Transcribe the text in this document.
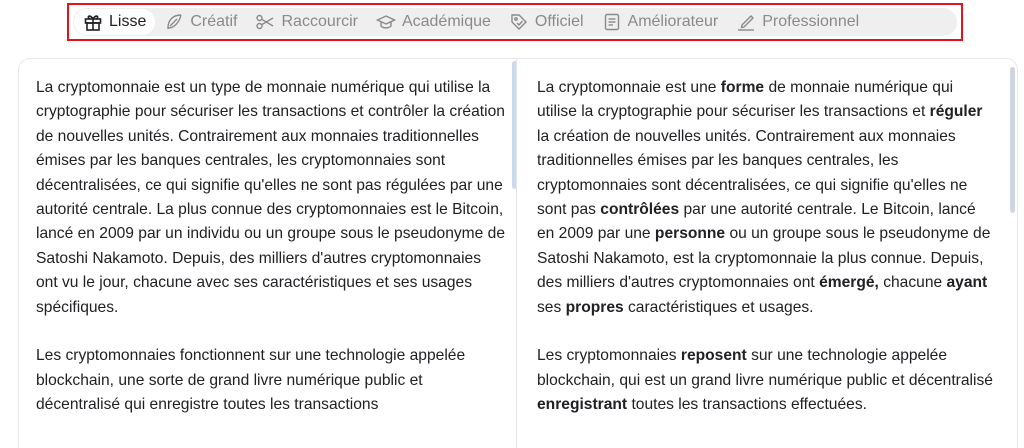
Lisse	Créatif	Raccourcir	Académique	Officiel	Améliorateur	Professionnel

La cryptomonnaie est un type de monnaie numérique qui utilise la cryptographie pour sécuriser les transactions et contrôler la création de nouvelles unités. Contrairement aux monnaies traditionnelles émises par les banques centrales, les cryptomonnaies sont décentralisées, ce qui signifie qu'elles ne sont pas régulées par une autorité centrale. La plus connue des cryptomonnaies est le Bitcoin, lancé en 2009 par un individu ou un groupe sous le pseudonyme de Satoshi Nakamoto. Depuis, des milliers d'autres cryptomonnaies ont vu le jour, chacune avec ses caractéristiques et ses usages spécifiques.

Les cryptomonnaies fonctionnent sur une technologie appelée blockchain, une sorte de grand livre numérique public et décentralisé qui enregistre toutes les transactions

La cryptomonnaie est une forme de monnaie numérique qui utilise la cryptographie pour sécuriser les transactions et réguler la création de nouvelles unités. Contrairement aux monnaies traditionnelles émises par les banques centrales, les cryptomonnaies sont décentralisées, ce qui signifie qu'elles ne sont pas contrôlées par une autorité centrale. Le Bitcoin, lancé en 2009 par une personne ou un groupe sous le pseudonyme de Satoshi Nakamoto, est la cryptomonnaie la plus connue. Depuis, des milliers d'autres cryptomonnaies ont émergé, chacune ayant ses propres caractéristiques et usages.

Les cryptomonnaies reposent sur une technologie appelée blockchain, qui est un grand livre numérique public et décentralisé enregistrant toutes les transactions effectuées.
